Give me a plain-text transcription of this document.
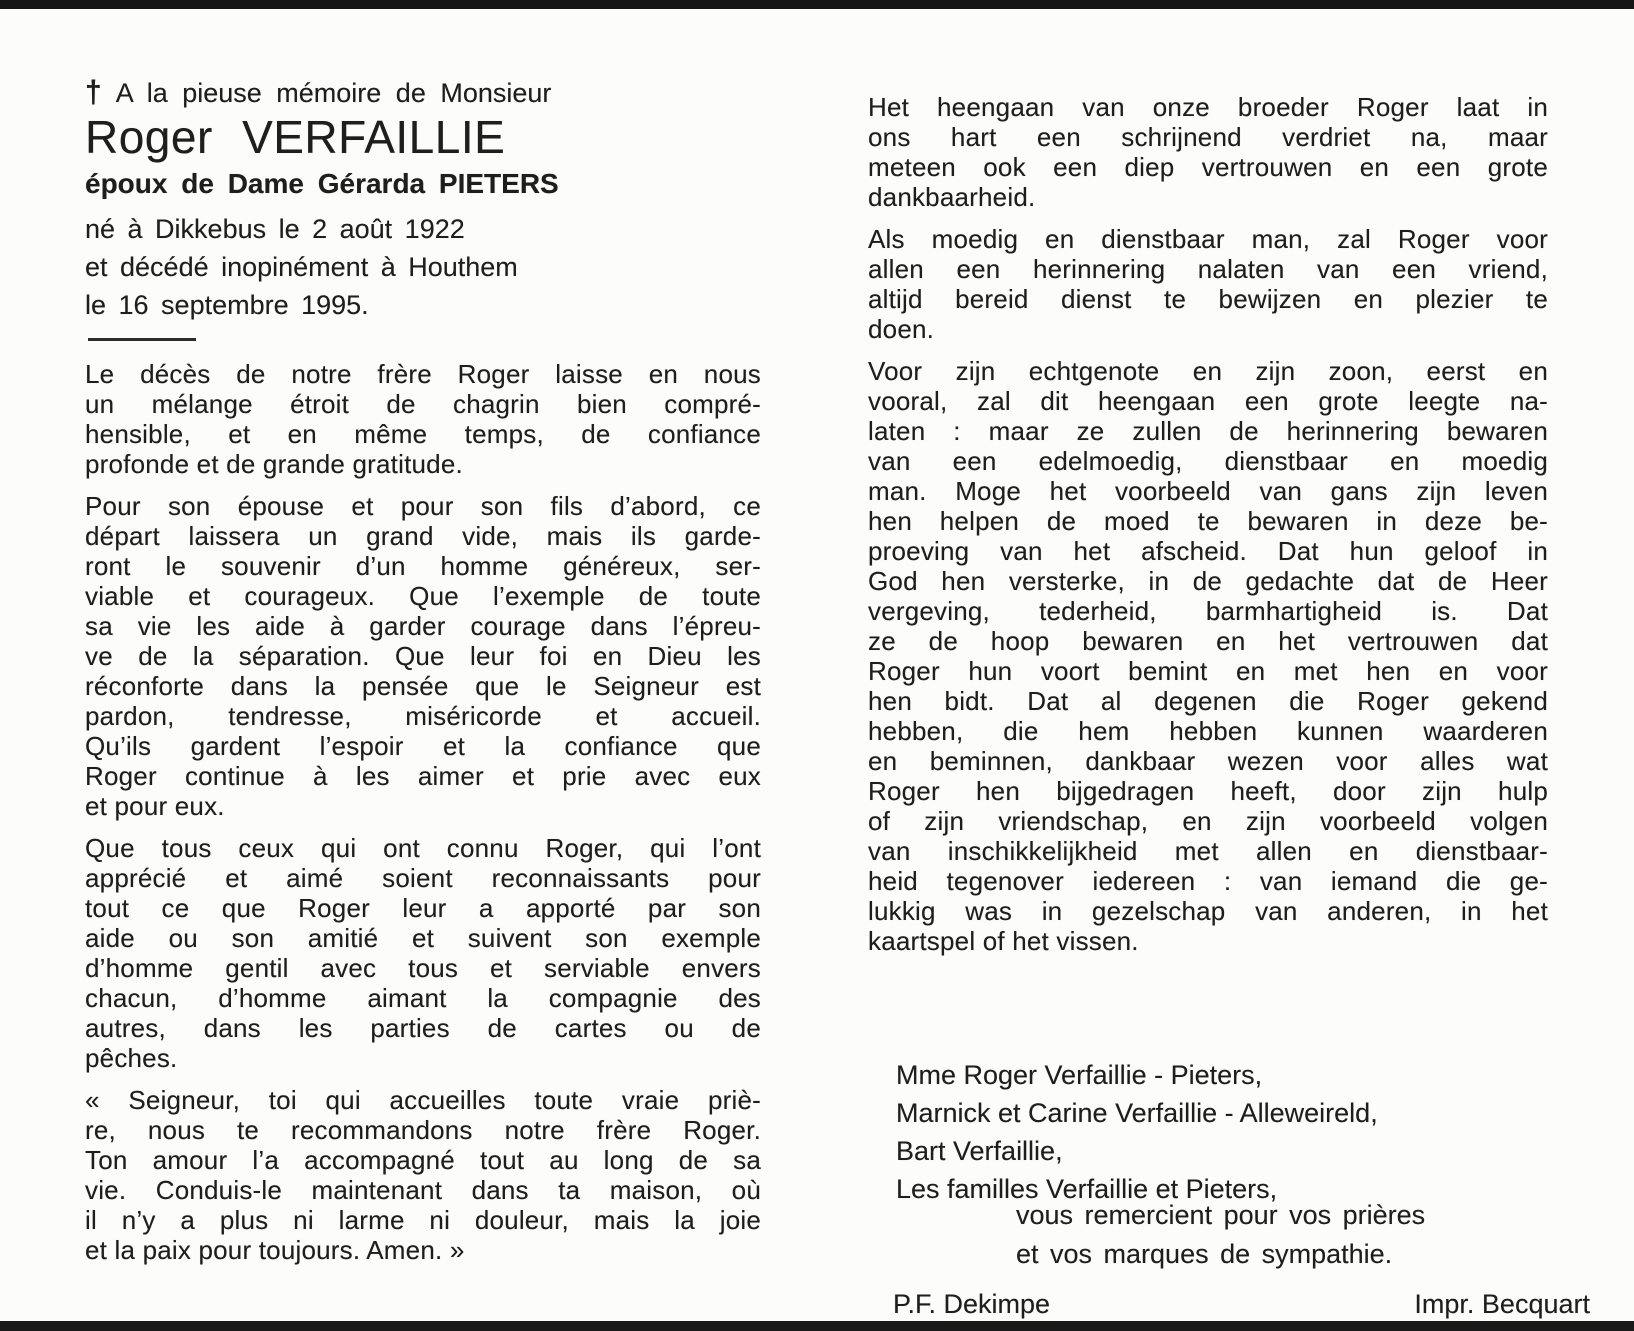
† A la pieuse mémoire de Monsieur
Roger VERFAILLIE
époux de Dame Gérarda PIETERS
né à Dikkebus le 2 août 1922
et décédé inopinément à Houthem
le 16 septembre 1995.
Le décès de notre frère Roger laisse en nous
un mélange étroit de chagrin bien compré-
hensible, et en même temps, de confiance
profonde et de grande gratitude.
Pour son épouse et pour son fils d’abord, ce
départ laissera un grand vide, mais ils garde-
ront le souvenir d’un homme généreux, ser-
viable et courageux. Que l’exemple de toute
sa vie les aide à garder courage dans l’épreu-
ve de la séparation. Que leur foi en Dieu les
réconforte dans la pensée que le Seigneur est
pardon, tendresse, miséricorde et accueil.
Qu’ils gardent l’espoir et la confiance que
Roger continue à les aimer et prie avec eux
et pour eux.
Que tous ceux qui ont connu Roger, qui l’ont
apprécié et aimé soient reconnaissants pour
tout ce que Roger leur a apporté par son
aide ou son amitié et suivent son exemple
d’homme gentil avec tous et serviable envers
chacun, d’homme aimant la compagnie des
autres, dans les parties de cartes ou de
pêches.
« Seigneur, toi qui accueilles toute vraie priè-
re, nous te recommandons notre frère Roger.
Ton amour l’a accompagné tout au long de sa
vie. Conduis-le maintenant dans ta maison, où
il n’y a plus ni larme ni douleur, mais la joie
et la paix pour toujours. Amen. »
Het heengaan van onze broeder Roger laat in
ons hart een schrijnend verdriet na, maar
meteen ook een diep vertrouwen en een grote
dankbaarheid.
Als moedig en dienstbaar man, zal Roger voor
allen een herinnering nalaten van een vriend,
altijd bereid dienst te bewijzen en plezier te
doen.
Voor zijn echtgenote en zijn zoon, eerst en
vooral, zal dit heengaan een grote leegte na-
laten : maar ze zullen de herinnering bewaren
van een edelmoedig, dienstbaar en moedig
man. Moge het voorbeeld van gans zijn leven
hen helpen de moed te bewaren in deze be-
proeving van het afscheid. Dat hun geloof in
God hen versterke, in de gedachte dat de Heer
vergeving, tederheid, barmhartigheid is. Dat
ze de hoop bewaren en het vertrouwen dat
Roger hun voort bemint en met hen en voor
hen bidt. Dat al degenen die Roger gekend
hebben, die hem hebben kunnen waarderen
en beminnen, dankbaar wezen voor alles wat
Roger hen bijgedragen heeft, door zijn hulp
of zijn vriendschap, en zijn voorbeeld volgen
van inschikkelijkheid met allen en dienstbaar-
heid tegenover iedereen : van iemand die ge-
lukkig was in gezelschap van anderen, in het
kaartspel of het vissen.
Mme Roger Verfaillie - Pieters,
Marnick et Carine Verfaillie - Alleweireld,
Bart Verfaillie,
Les familles Verfaillie et Pieters,
vous remercient pour vos prières
et vos marques de sympathie.
P.F. Dekimpe	Impr. Becquart
